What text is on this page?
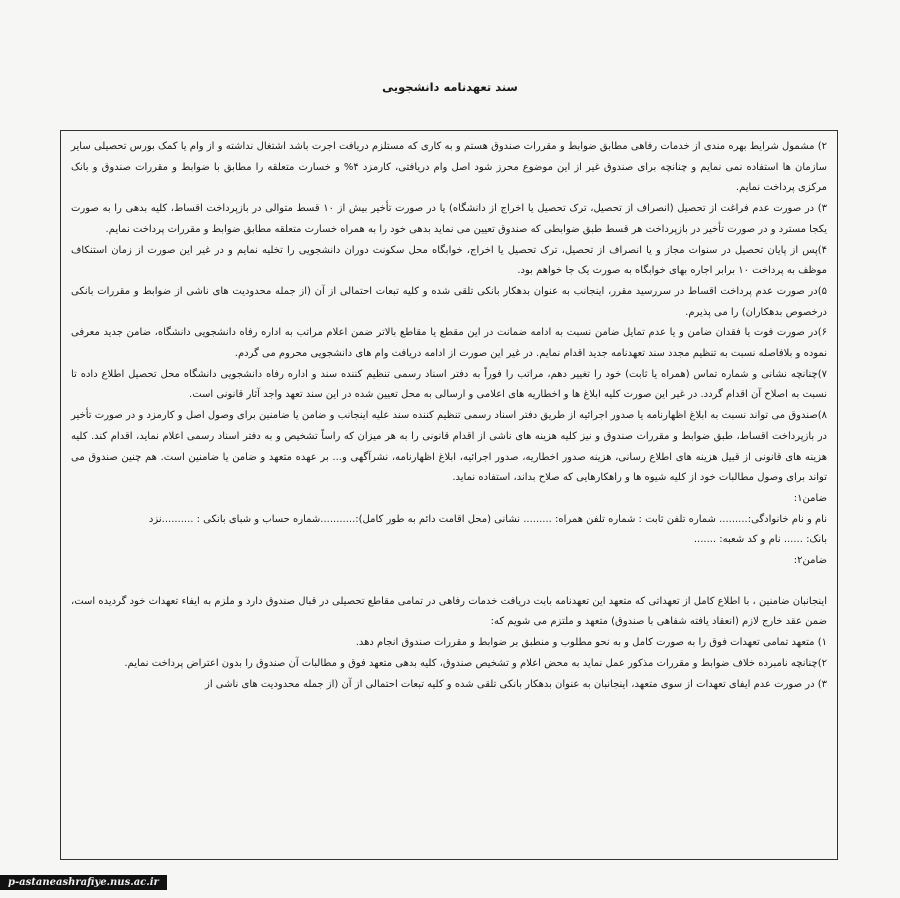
سند تعهدنامه دانشجویی

۲) مشمول شرایط بهره مندی از خدمات رفاهی مطابق ضوابط و مقررات صندوق هستم و به کاری که مستلزم دریافت اجرت باشد اشتغال نداشته و از وام یا کمک بورس تحصیلی سایر سازمان ها استفاده نمی نمایم و چنانچه برای صندوق غیر از این موضوع محرز شود اصل وام دریافتی، کارمزد ۴% و خسارت متعلقه را مطابق با ضوابط و مقررات صندوق و بانک مرکزی پرداخت نمایم.

۳) در صورت عدم فراغت از تحصیل (انصراف از تحصیل، ترک تحصیل یا اخراج از دانشگاه) یا در صورت تأخیر بیش از ۱۰ قسط متوالی در بازپرداخت اقساط، کلیه بدهی را به صورت یکجا مسترد و در صورت تأخیر در بازپرداخت هر قسط طبق ضوابطی که صندوق تعیین می نماید بدهی خود را به همراه خسارت متعلقه مطابق ضوابط و مقررات پرداخت نمایم.

۴)پس از پایان تحصیل در سنوات مجاز و یا انصراف از تحصیل، ترک تحصیل یا اخراج، خوابگاه محل سکونت دوران دانشجویی را تخلیه نمایم و در غیر این صورت از زمان استنکاف موظف به پرداخت ۱۰ برابر اجاره بهای خوابگاه به صورت یک جا خواهم بود.

۵)در صورت عدم پرداخت اقساط در سررسید مقرر، اینجانب به عنوان بدهکار بانکی تلقی شده و کلیه تبعات احتمالی از آن (از جمله محدودیت های ناشی از ضوابط و مقررات بانکی درخصوص بدهکاران) را می پذیرم.

۶)در صورت فوت یا فقدان ضامن و یا عدم تمایل ضامن نسبت به ادامه ضمانت در این مقطع یا مقاطع بالاتر ضمن اعلام مراتب به اداره رفاه دانشجویی دانشگاه، ضامن جدید معرفی نموده و بلافاصله نسبت به تنظیم مجدد سند تعهدنامه جدید اقدام نمایم. در غیر این صورت از ادامه دریافت وام های دانشجویی محروم می گردم.

۷)چنانچه نشانی و شماره تماس (همراه یا ثابت) خود را تغییر دهم، مراتب را فوراً به دفتر اسناد رسمی تنظیم کننده سند و اداره رفاه دانشجویی دانشگاه محل تحصیل اطلاع داده تا نسبت به اصلاح آن اقدام گردد. در غیر این صورت کلیه ابلاغ ها و اخطاریه های اعلامی و ارسالی به محل تعیین شده در این سند تعهد واجد آثار قانونی است.

۸)صندوق می تواند نسبت به ابلاغ اظهارنامه یا صدور اجرائیه از طریق دفتر اسناد رسمی تنظیم کننده سند علیه اینجانب و ضامن یا ضامنین برای وصول اصل و کارمزد و در صورت تأخیر در بازپرداخت اقساط، طبق ضوابط و مقررات صندوق و نیز کلیه هزینه های ناشی از اقدام قانونی را به هر میزان که راساً تشخیص و به دفتر اسناد رسمی اعلام نماید، اقدام کند. کلیه هزینه های قانونی از قبیل هزینه های اطلاع رسانی، هزینه صدور اخطاریه، صدور اجرائیه، ابلاغ اظهارنامه، نشرآگهی و... بر عهده متعهد و ضامن یا ضامنین است. هم چنین صندوق می تواند برای وصول مطالبات خود از کلیه شیوه ها و راهکارهایی که صلاح بداند، استفاده نماید.

ضامن۱:

نام و نام خانوادگی:......... شماره تلفن ثابت : شماره تلفن همراه: ......... نشانی (محل اقامت دائم به طور کامل):...........شماره حساب و شبای بانکی : ..........نزد

بانک: ...... نام و کد شعبه: .......

ضامن۲:

اینجانبان ضامنین ، با اطلاع کامل از تعهداتی که متعهد این تعهدنامه بابت دریافت خدمات رفاهی در تمامی مقاطع تحصیلی در قبال صندوق دارد و ملزم به ایفاء تعهدات خود گردیده است، ضمن عقد خارج لازم (انعقاد یافته شفاهی با صندوق) متعهد و ملتزم می شویم که:

۱) متعهد تمامی تعهدات فوق را به صورت کامل و به نحو مطلوب و منطبق بر ضوابط و مقررات صندوق انجام دهد.

۲)چنانچه نامبرده خلاف ضوابط و مقررات مذکور عمل نماید به محض اعلام و تشخیص صندوق، کلیه بدهی متعهد فوق و مطالبات آن صندوق را بدون اعتراض پرداخت نمایم.

۳) در صورت عدم ایفای تعهدات از سوی متعهد، اینجانبان به عنوان بدهکار بانکی تلقی شده و کلیه تبعات احتمالی از آن (از جمله محدودیت های ناشی از

p-astaneashrafiye.nus.ac.ir
